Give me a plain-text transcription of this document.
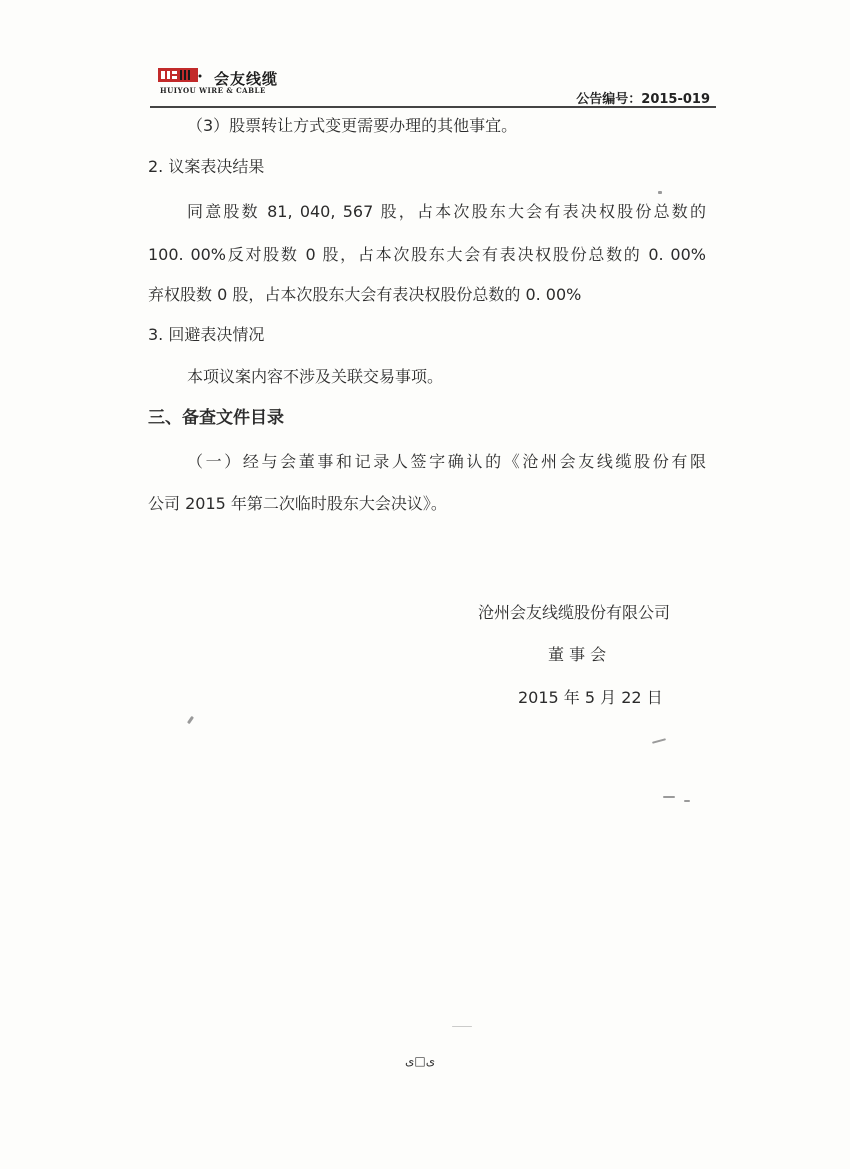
会友线缆
HUIYOU WIRE & CABLE
公告编号：2015-019
（3）股票转让方式变更需要办理的其他事宜。
2. 议案表决结果
同意股数 81, 040, 567 股，占本次股东大会有表决权股份总数的
100. 00%反对股数 0 股，占本次股东大会有表决权股份总数的 0. 00%
弃权股数 0 股，占本次股东大会有表决权股份总数的 0. 00%
3. 回避表决情况
本项议案内容不涉及关联交易事项。
三、备查文件目录
（一）经与会董事和记录人签字确认的《沧州会友线缆股份有限
公司 2015 年第二次临时股东大会决议》。
沧州会友线缆股份有限公司
董 事 会
2015 年 5 月 22 日
ى□ی
